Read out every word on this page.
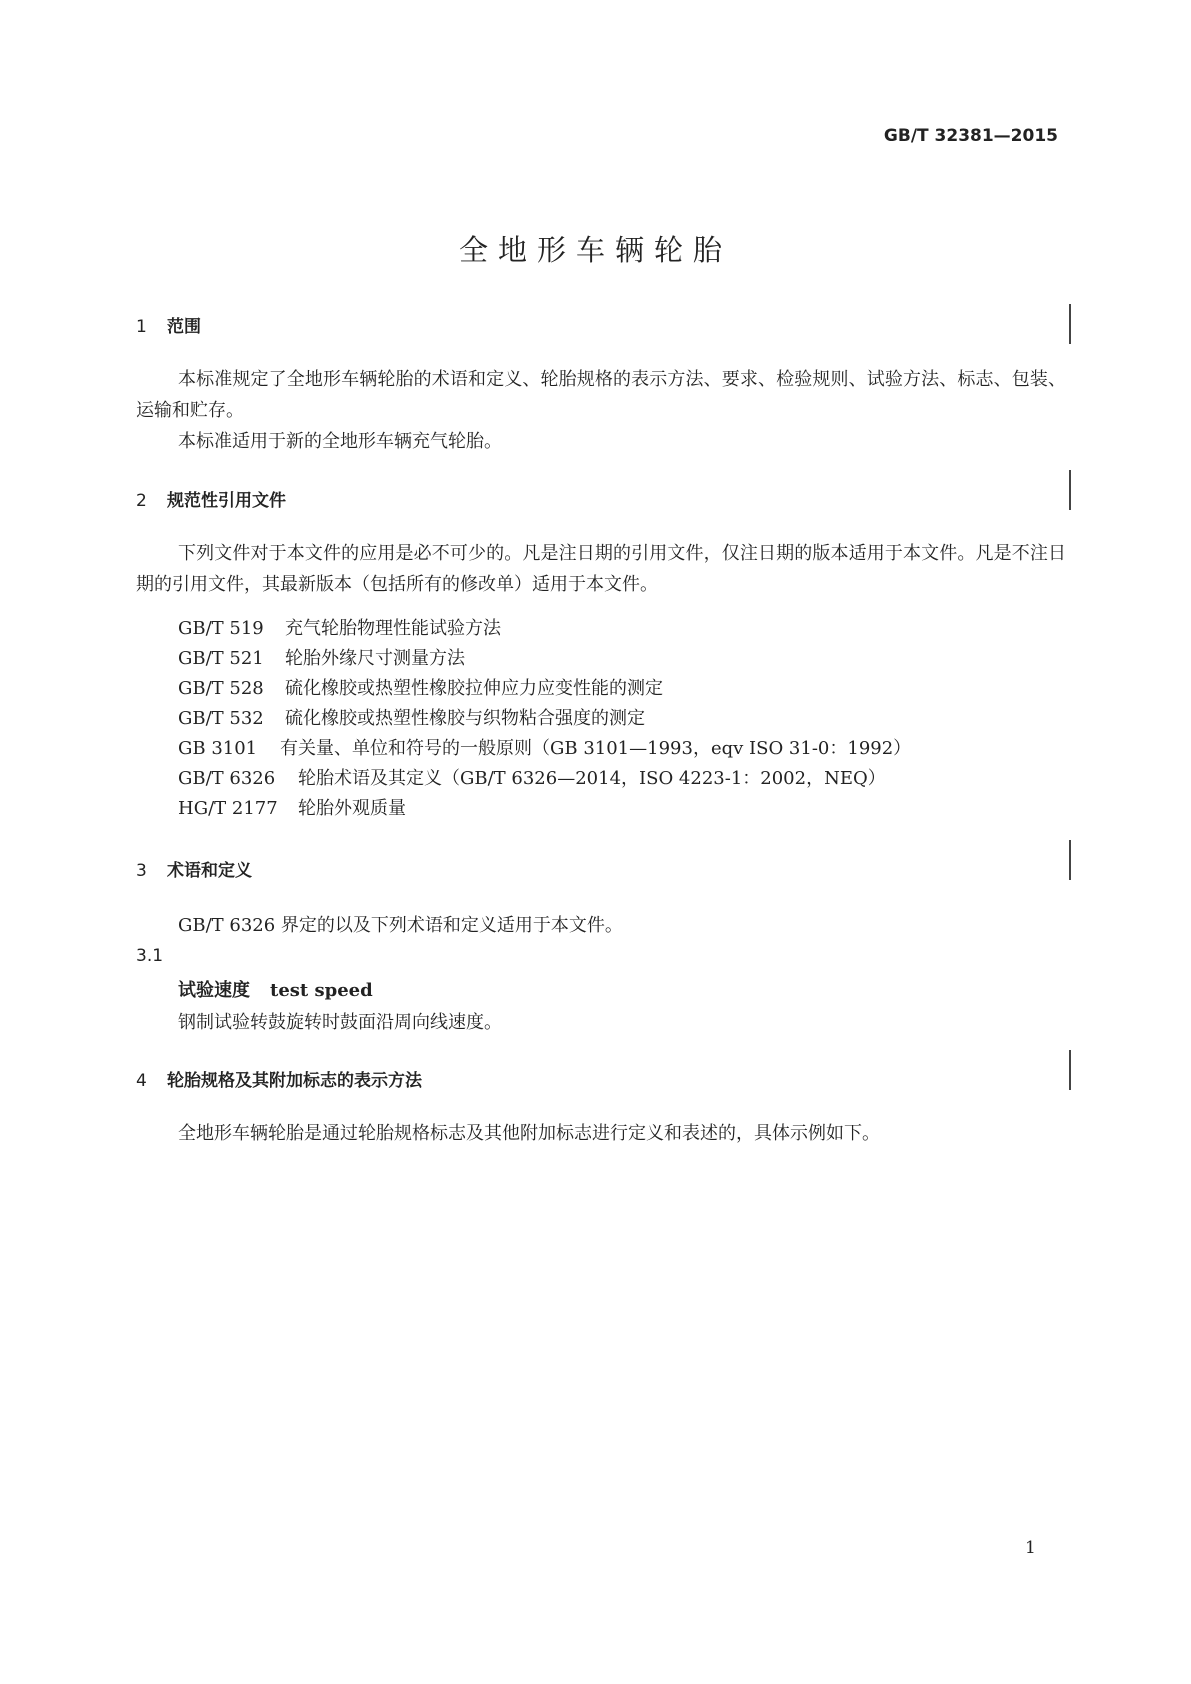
GB/T 32381—2015
全地形车辆轮胎
1 范围
本标准规定了全地形车辆轮胎的术语和定义、轮胎规格的表示方法、要求、检验规则、试验方法、标志、包装、运输和贮存。
本标准适用于新的全地形车辆充气轮胎。
2 规范性引用文件
下列文件对于本文件的应用是必不可少的。凡是注日期的引用文件，仅注日期的版本适用于本文件。凡是不注日期的引用文件，其最新版本（包括所有的修改单）适用于本文件。
GB/T 519 充气轮胎物理性能试验方法
GB/T 521 轮胎外缘尺寸测量方法
GB/T 528 硫化橡胶或热塑性橡胶拉伸应力应变性能的测定
GB/T 532 硫化橡胶或热塑性橡胶与织物粘合强度的测定
GB 3101 有关量、单位和符号的一般原则（GB 3101—1993，eqv ISO 31-0：1992）
GB/T 6326 轮胎术语及其定义（GB/T 6326—2014，ISO 4223-1：2002，NEQ）
HG/T 2177 轮胎外观质量
3 术语和定义
GB/T 6326 界定的以及下列术语和定义适用于本文件。
3.1
试验速度 test speed
钢制试验转鼓旋转时鼓面沿周向线速度。
4 轮胎规格及其附加标志的表示方法
全地形车辆轮胎是通过轮胎规格标志及其他附加标志进行定义和表述的，具体示例如下。
1
